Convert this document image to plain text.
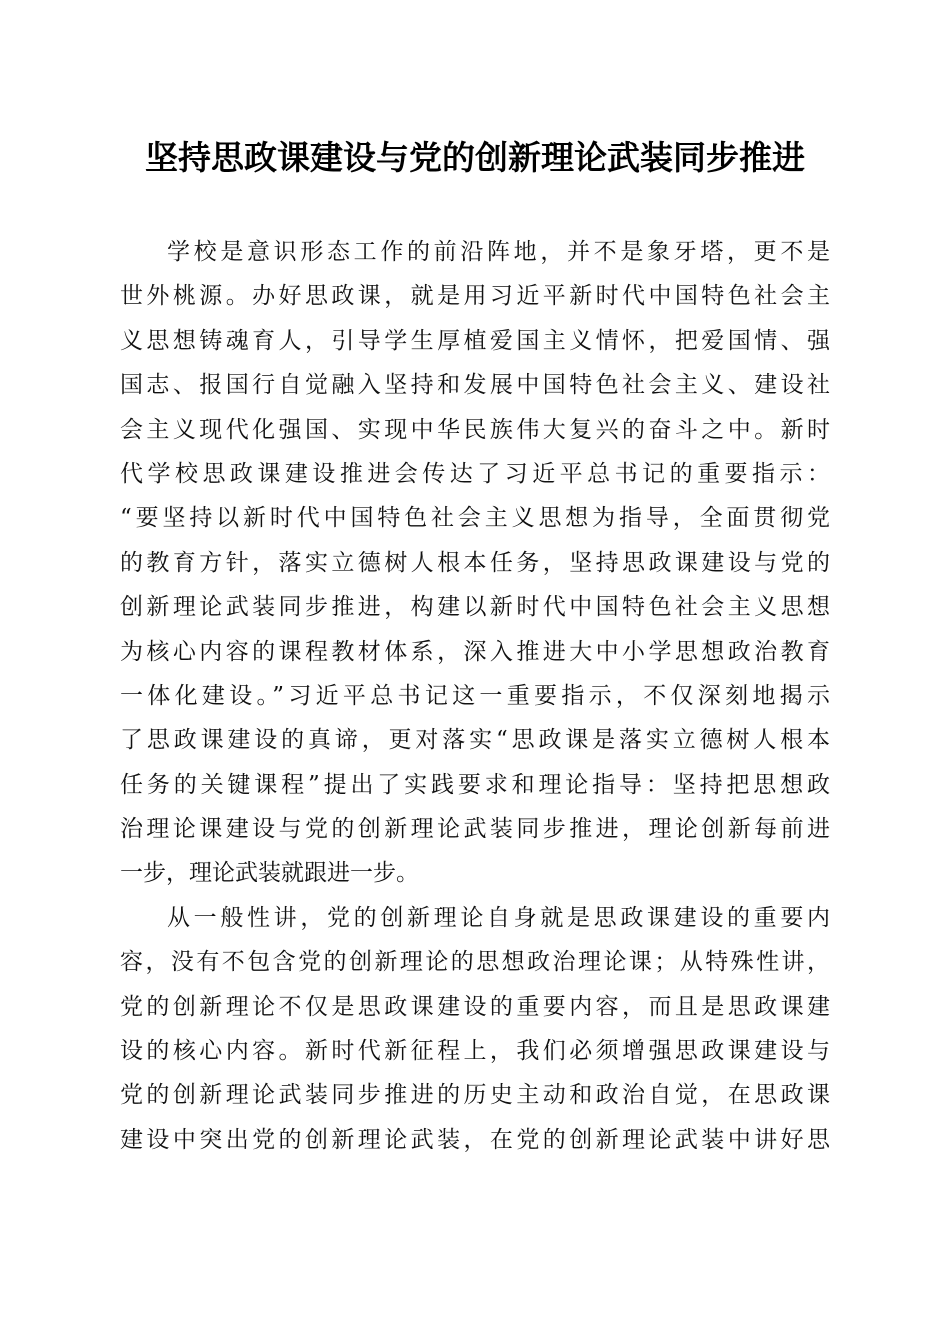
坚持思政课建设与党的创新理论武装同步推进
学校是意识形态工作的前沿阵地，并不是象牙塔，更不是
世外桃源。办好思政课，就是用习近平新时代中国特色社会主
义思想铸魂育人，引导学生厚植爱国主义情怀，把爱国情、强
国志、报国行自觉融入坚持和发展中国特色社会主义、建设社
会主义现代化强国、实现中华民族伟大复兴的奋斗之中。新时
代学校思政课建设推进会传达了习近平总书记的重要指示：
“要坚持以新时代中国特色社会主义思想为指导，全面贯彻党
的教育方针，落实立德树人根本任务，坚持思政课建设与党的
创新理论武装同步推进，构建以新时代中国特色社会主义思想
为核心内容的课程教材体系，深入推进大中小学思想政治教育
一体化建设。”习近平总书记这一重要指示，不仅深刻地揭示
了思政课建设的真谛，更对落实“思政课是落实立德树人根本
任务的关键课程”提出了实践要求和理论指导：坚持把思想政
治理论课建设与党的创新理论武装同步推进，理论创新每前进
一步，理论武装就跟进一步。
从一般性讲，党的创新理论自身就是思政课建设的重要内
容，没有不包含党的创新理论的思想政治理论课；从特殊性讲，
党的创新理论不仅是思政课建设的重要内容，而且是思政课建
设的核心内容。新时代新征程上，我们必须增强思政课建设与
党的创新理论武装同步推进的历史主动和政治自觉，在思政课
建设中突出党的创新理论武装，在党的创新理论武装中讲好思
